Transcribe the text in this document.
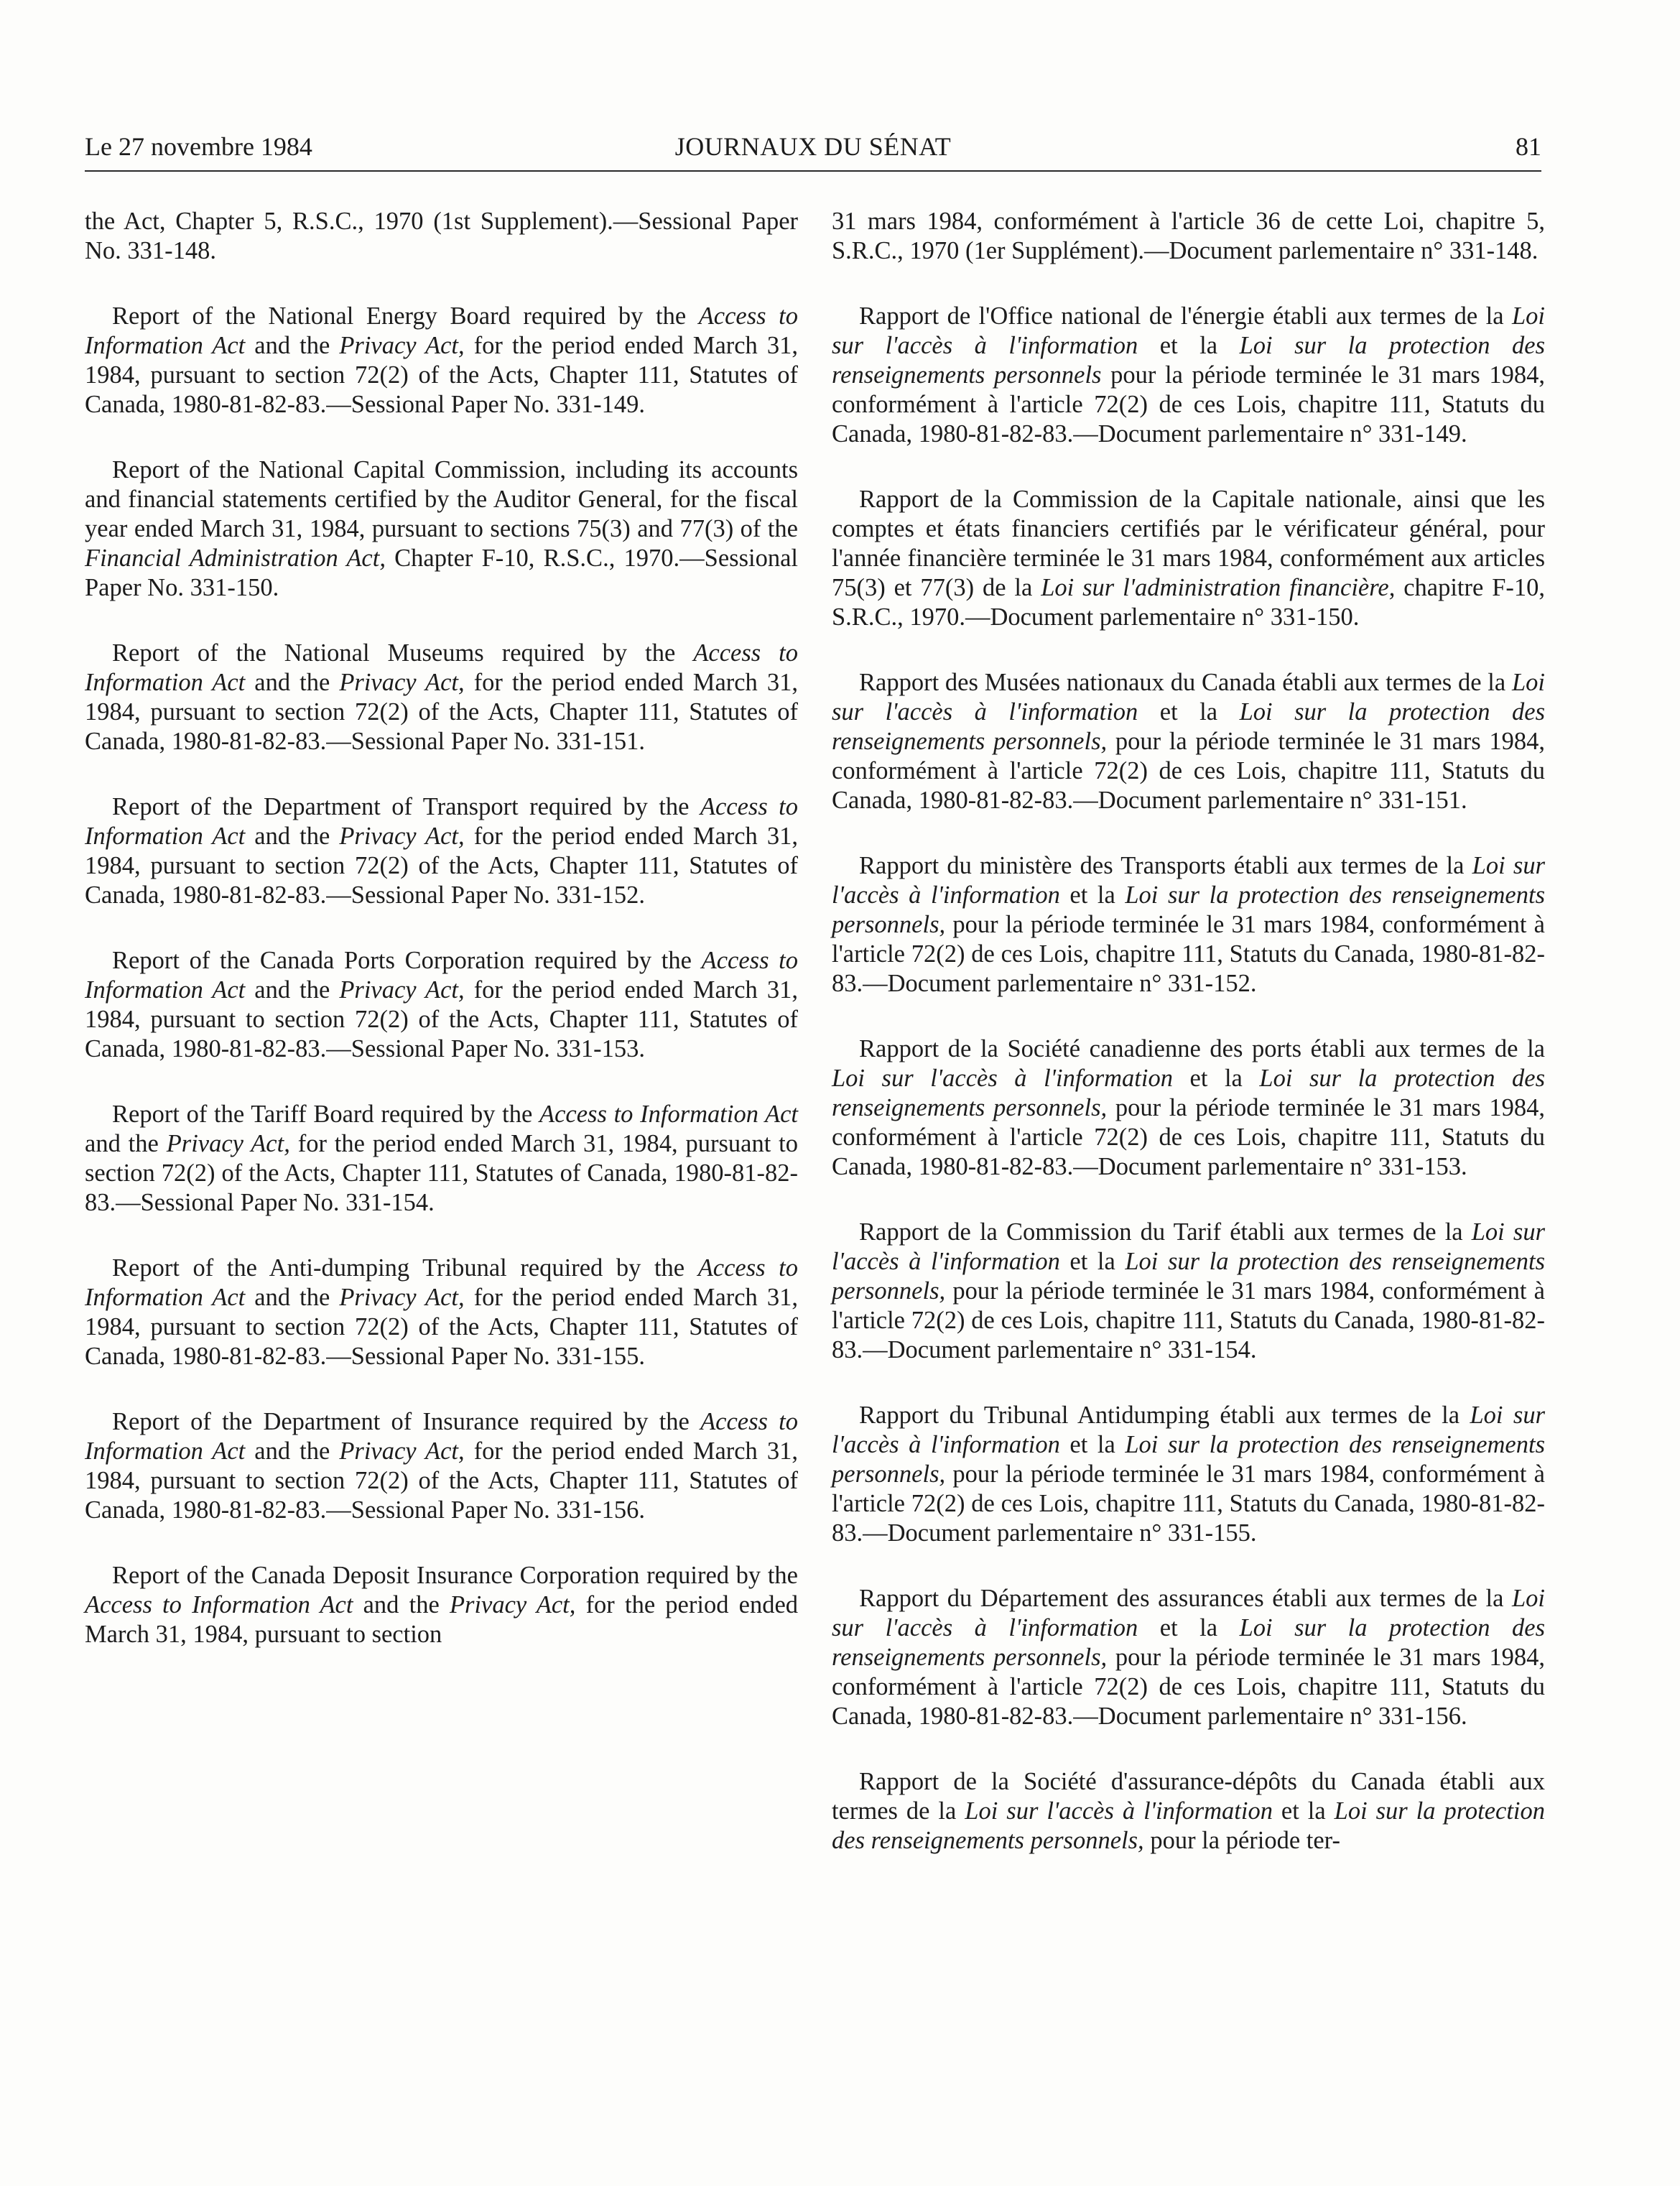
Le 27 novembre 1984	JOURNAUX DU SÉNAT	81

the Act, Chapter 5, R.S.C., 1970 (1st Supplement).—Sessional Paper No. 331-148.

Report of the National Energy Board required by the Access to Information Act and the Privacy Act, for the period ended March 31, 1984, pursuant to section 72(2) of the Acts, Chapter 111, Statutes of Canada, 1980-81-82-83.—Sessional Paper No. 331-149.

Report of the National Capital Commission, including its accounts and financial statements certified by the Auditor General, for the fiscal year ended March 31, 1984, pursuant to sections 75(3) and 77(3) of the Financial Administration Act, Chapter F-10, R.S.C., 1970.—Sessional Paper No. 331-150.

Report of the National Museums required by the Access to Information Act and the Privacy Act, for the period ended March 31, 1984, pursuant to section 72(2) of the Acts, Chapter 111, Statutes of Canada, 1980-81-82-83.—Sessional Paper No. 331-151.

Report of the Department of Transport required by the Access to Information Act and the Privacy Act, for the period ended March 31, 1984, pursuant to section 72(2) of the Acts, Chapter 111, Statutes of Canada, 1980-81-82-83.—Sessional Paper No. 331-152.

Report of the Canada Ports Corporation required by the Access to Information Act and the Privacy Act, for the period ended March 31, 1984, pursuant to section 72(2) of the Acts, Chapter 111, Statutes of Canada, 1980-81-82-83.—Sessional Paper No. 331-153.

Report of the Tariff Board required by the Access to Information Act and the Privacy Act, for the period ended March 31, 1984, pursuant to section 72(2) of the Acts, Chapter 111, Statutes of Canada, 1980-81-82-83.—Sessional Paper No. 331-154.

Report of the Anti-dumping Tribunal required by the Access to Information Act and the Privacy Act, for the period ended March 31, 1984, pursuant to section 72(2) of the Acts, Chapter 111, Statutes of Canada, 1980-81-82-83.—Sessional Paper No. 331-155.

Report of the Department of Insurance required by the Access to Information Act and the Privacy Act, for the period ended March 31, 1984, pursuant to section 72(2) of the Acts, Chapter 111, Statutes of Canada, 1980-81-82-83.—Sessional Paper No. 331-156.

Report of the Canada Deposit Insurance Corporation required by the Access to Information Act and the Privacy Act, for the period ended March 31, 1984, pursuant to section

31 mars 1984, conformément à l'article 36 de cette Loi, chapitre 5, S.R.C., 1970 (1er Supplément).—Document parlementaire n° 331-148.

Rapport de l'Office national de l'énergie établi aux termes de la Loi sur l'accès à l'information et la Loi sur la protection des renseignements personnels pour la période terminée le 31 mars 1984, conformément à l'article 72(2) de ces Lois, chapitre 111, Statuts du Canada, 1980-81-82-83.—Document parlementaire n° 331-149.

Rapport de la Commission de la Capitale nationale, ainsi que les comptes et états financiers certifiés par le vérificateur général, pour l'année financière terminée le 31 mars 1984, conformément aux articles 75(3) et 77(3) de la Loi sur l'administration financière, chapitre F-10, S.R.C., 1970.—Document parlementaire n° 331-150.

Rapport des Musées nationaux du Canada établi aux termes de la Loi sur l'accès à l'information et la Loi sur la protection des renseignements personnels, pour la période terminée le 31 mars 1984, conformément à l'article 72(2) de ces Lois, chapitre 111, Statuts du Canada, 1980-81-82-83.—Document parlementaire n° 331-151.

Rapport du ministère des Transports établi aux termes de la Loi sur l'accès à l'information et la Loi sur la protection des renseignements personnels, pour la période terminée le 31 mars 1984, conformément à l'article 72(2) de ces Lois, chapitre 111, Statuts du Canada, 1980-81-82-83.—Document parlementaire n° 331-152.

Rapport de la Société canadienne des ports établi aux termes de la Loi sur l'accès à l'information et la Loi sur la protection des renseignements personnels, pour la période terminée le 31 mars 1984, conformément à l'article 72(2) de ces Lois, chapitre 111, Statuts du Canada, 1980-81-82-83.—Document parlementaire n° 331-153.

Rapport de la Commission du Tarif établi aux termes de la Loi sur l'accès à l'information et la Loi sur la protection des renseignements personnels, pour la période terminée le 31 mars 1984, conformément à l'article 72(2) de ces Lois, chapitre 111, Statuts du Canada, 1980-81-82-83.—Document parlementaire n° 331-154.

Rapport du Tribunal Antidumping établi aux termes de la Loi sur l'accès à l'information et la Loi sur la protection des renseignements personnels, pour la période terminée le 31 mars 1984, conformément à l'article 72(2) de ces Lois, chapitre 111, Statuts du Canada, 1980-81-82-83.—Document parlementaire n° 331-155.

Rapport du Département des assurances établi aux termes de la Loi sur l'accès à l'information et la Loi sur la protection des renseignements personnels, pour la période terminée le 31 mars 1984, conformément à l'article 72(2) de ces Lois, chapitre 111, Statuts du Canada, 1980-81-82-83.—Document parlementaire n° 331-156.

Rapport de la Société d'assurance-dépôts du Canada établi aux termes de la Loi sur l'accès à l'information et la Loi sur la protection des renseignements personnels, pour la période ter-
